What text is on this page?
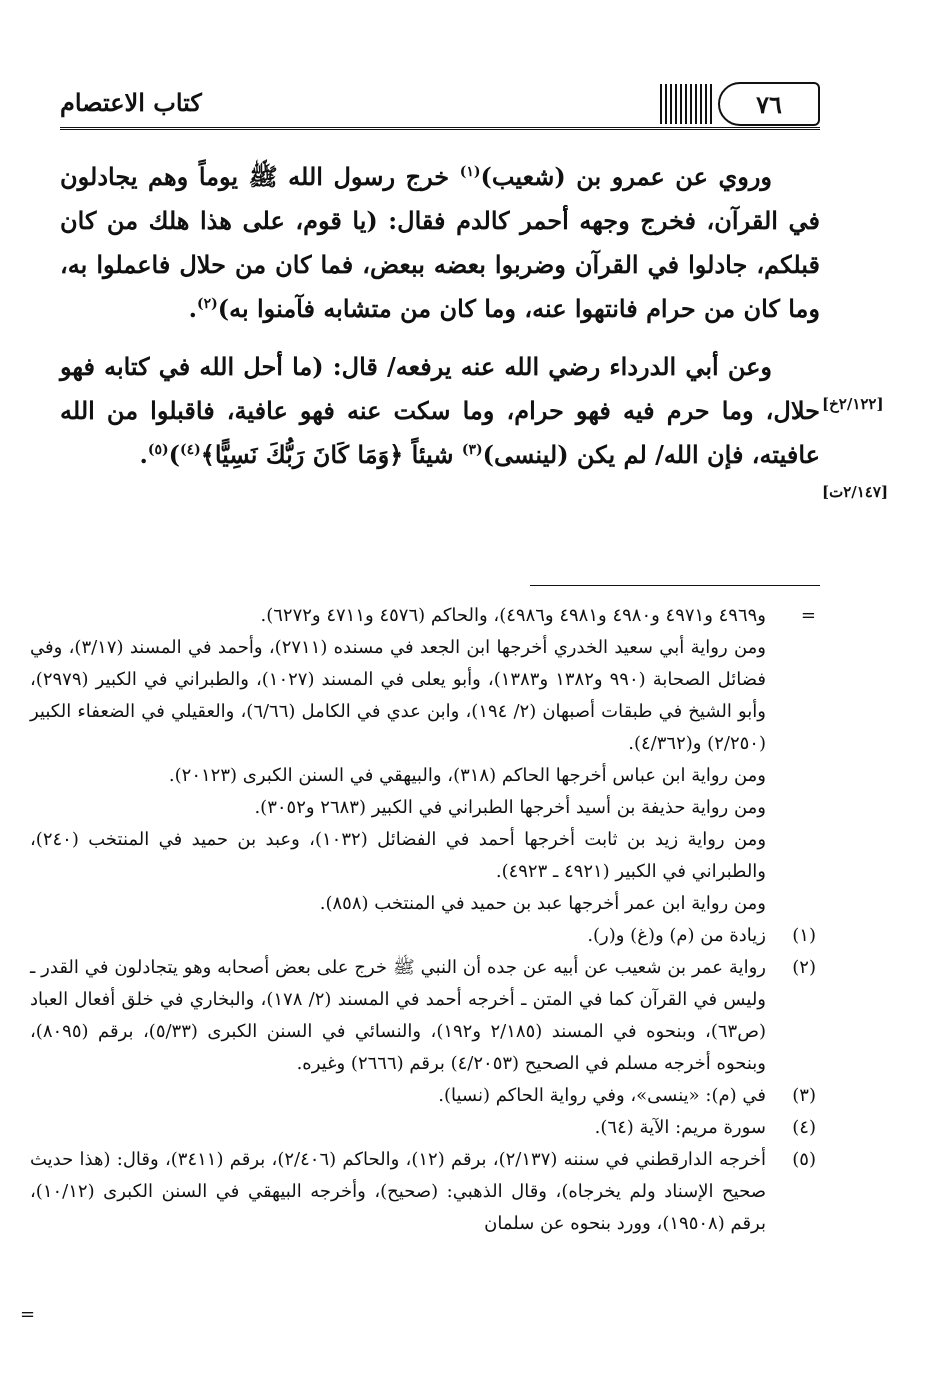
كتاب الاعتصام	٧٦
[٢/١٢٢خ]
[٢/١٤٧ت]

وروي عن عمرو بن (شعيب)$^{(١)}$ خرج رسول الله ﷺ يوماً وهم يجادلون في القرآن، فخرج وجهه أحمر كالدم فقال: (يا قوم، على هذا هلك من كان قبلكم، جادلوا في القرآن وضربوا بعضه ببعض، فما كان من حلال فاعملوا به، وما كان من حرام فانتهوا عنه، وما كان من متشابه فآمنوا به)$^{(٢)}$.

وعن أبي الدرداء رضي الله عنه يرفعه/ قال: (ما أحل الله في كتابه فهو حلال، وما حرم فيه فهو حرام، وما سكت عنه فهو عافية، فاقبلوا من الله عافيته، فإن الله/ لم يكن (لينسى)$^{(٣)}$ شيئاً ﴿وَمَا كَانَ رَبُّكَ نَسِيًّا﴾$^{(٤)}$)$^{(٥)}$.

=
و٤٩٦٩ و٤٩٧١ و٤٩٨٠ و٤٩٨١ و٤٩٨٦)، والحاكم (٤٥٧٦ و٤٧١١ و٦٢٧٢).
ومن رواية أبي سعيد الخدري أخرجها ابن الجعد في مسنده (٢٧١١)، وأحمد في المسند (٣/١٧)، وفي فضائل الصحابة (٩٩٠ و١٣٨٢ و١٣٨٣)، وأبو يعلى في المسند (١٠٢٧)، والطبراني في الكبير (٢٩٧٩)، وأبو الشيخ في طبقات أصبهان (٢/ ١٩٤)، وابن عدي في الكامل (٦/٦٦)، والعقيلي في الضعفاء الكبير (٢/٢٥٠) و(٤/٣٦٢).
ومن رواية ابن عباس أخرجها الحاكم (٣١٨)، والبيهقي في السنن الكبرى (٢٠١٢٣).
ومن رواية حذيفة بن أسيد أخرجها الطبراني في الكبير (٢٦٨٣ و٣٠٥٢).
ومن رواية زيد بن ثابت أخرجها أحمد في الفضائل (١٠٣٢)، وعبد بن حميد في المنتخب (٢٤٠)، والطبراني في الكبير (٤٩٢١ ـ ٤٩٢٣).
ومن رواية ابن عمر أخرجها عبد بن حميد في المنتخب (٨٥٨).
(١)
زيادة من (م) و(غ) و(ر).
(٢)
رواية عمر بن شعيب عن أبيه عن جده أن النبي ﷺ خرج على بعض أصحابه وهو يتجادلون في القدر ـ وليس في القرآن كما في المتن ـ أخرجه أحمد في المسند (٢/ ١٧٨)، والبخاري في خلق أفعال العباد (ص٦٣)، وبنحوه في المسند (٢/١٨٥ و١٩٢)، والنسائي في السنن الكبرى (٥/٣٣)، برقم (٨٠٩٥)، وبنحوه أخرجه مسلم في الصحيح (٤/٢٠٥٣) برقم (٢٦٦٦) وغيره.
(٣)
في (م): «ينسى»، وفي رواية الحاكم (نسيا).
(٤)
سورة مريم: الآية (٦٤).
(٥)
أخرجه الدارقطني في سننه (٢/١٣٧)، برقم (١٢)، والحاكم (٢/٤٠٦)، برقم (٣٤١١)، وقال: (هذا حديث صحيح الإسناد ولم يخرجاه)، وقال الذهبي: (صحيح)، وأخرجه البيهقي في السنن الكبرى (١٠/١٢)، برقم (١٩٥٠٨)، وورد بنحوه عن سلمان
=
